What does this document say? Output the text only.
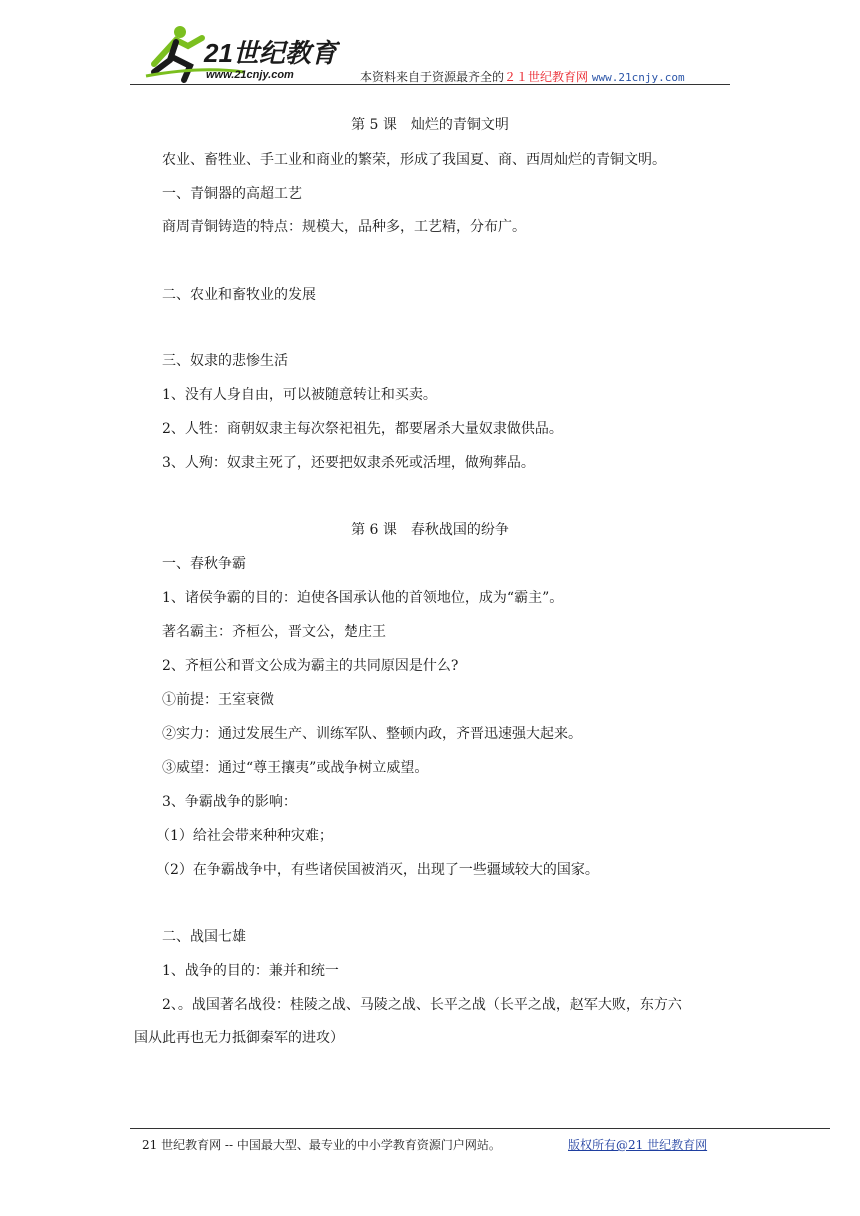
21世纪教育
www.21cnjy.com	本资料来自于资源最齐全的２１世纪教育网 www.21cnjy.com
第 5 课　灿烂的青铜文明
农业、畜牲业、手工业和商业的繁荣，形成了我国夏、商、西周灿烂的青铜文明。
一、青铜器的高超工艺
商周青铜铸造的特点：规模大，品种多，工艺精，分布广。
二、农业和畜牧业的发展
三、奴隶的悲惨生活
1、没有人身自由，可以被随意转让和买卖。
2、人牲：商朝奴隶主每次祭祀祖先，都要屠杀大量奴隶做供品。
3、人殉：奴隶主死了，还要把奴隶杀死或活埋，做殉葬品。
第 6 课　春秋战国的纷争
一、春秋争霸
1、诸侯争霸的目的：迫使各国承认他的首领地位，成为“霸主”。
著名霸主：齐桓公，晋文公，楚庄王
2、齐桓公和晋文公成为霸主的共同原因是什么?
①前提：王室衰微
②实力：通过发展生产、训练军队、整顿内政，齐晋迅速强大起来。
③威望：通过“尊王攘夷”或战争树立威望。
3、争霸战争的影响：
（1）给社会带来种种灾难；
（2）在争霸战争中，有些诸侯国被消灭，出现了一些疆域较大的国家。
二、战国七雄
1、战争的目的：兼并和统一
2、。战国著名战役：桂陵之战、马陵之战、长平之战（长平之战，赵军大败，东方六
国从此再也无力抵御秦军的进攻）
21 世纪教育网 -- 中国最大型、最专业的中小学教育资源门户网站。	版权所有@21 世纪教育网
